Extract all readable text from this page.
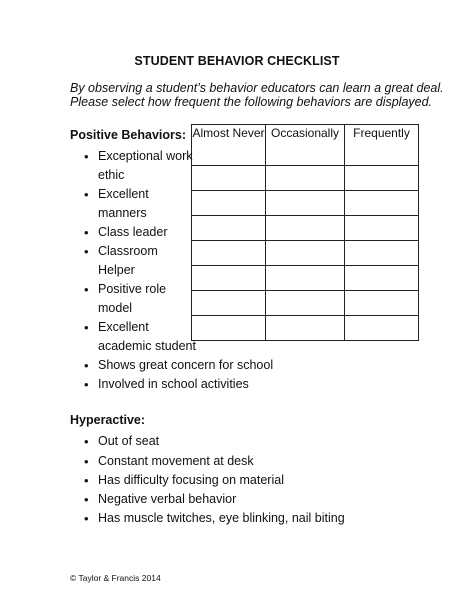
STUDENT BEHAVIOR CHECKLIST
By observing a student’s behavior educators can learn a great deal.
Please select how frequent the following behaviors are displayed.
Positive Behaviors:
• Exceptional work
ethic
• Excellent
manners
• Class leader
• Classroom
Helper
• Positive role
model
• Excellent
academic student
• Shows great concern for school
• Involved in school activities
Almost Never	Occasionally	Frequently

Hyperactive:
• Out of seat
• Constant movement at desk
• Has difficulty focusing on material
• Negative verbal behavior
• Has muscle twitches, eye blinking, nail biting
© Taylor & Francis 2014
